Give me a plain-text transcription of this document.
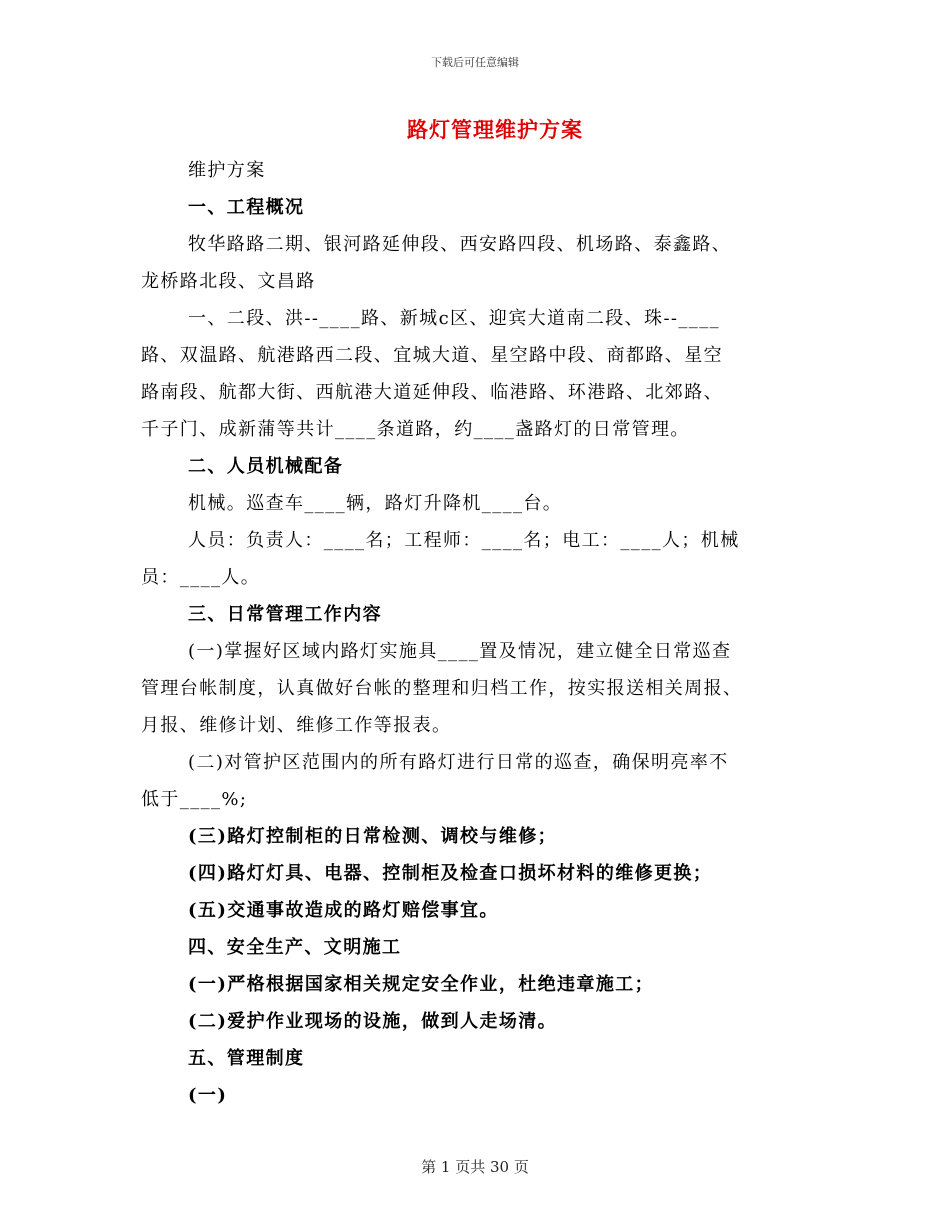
下载后可任意编辑
路灯管理维护方案
维护方案
一、工程概况
牧华路路二期、银河路延伸段、西安路四段、机场路、泰鑫路、
龙桥路北段、文昌路
一、二段、洪--____路、新城c区、迎宾大道南二段、珠--____
路、双温路、航港路西二段、宜城大道、星空路中段、商都路、星空
路南段、航都大街、西航港大道延伸段、临港路、环港路、北郊路、
千子门、成新蒲等共计____条道路，约____盏路灯的日常管理。
二、人员机械配备
机械。巡查车____辆，路灯升降机____台。
人员：负责人：____名；工程师：____名；电工：____人；机械
员：____人。
三、日常管理工作内容
(一)掌握好区域内路灯实施具____置及情况，建立健全日常巡查
管理台帐制度，认真做好台帐的整理和归档工作，按实报送相关周报、
月报、维修计划、维修工作等报表。
(二)对管护区范围内的所有路灯进行日常的巡查，确保明亮率不
低于____%;
(三)路灯控制柜的日常检测、调校与维修；
(四)路灯灯具、电器、控制柜及检查口损坏材料的维修更换；
(五)交通事故造成的路灯赔偿事宜。
四、安全生产、文明施工
(一)严格根据国家相关规定安全作业，杜绝违章施工；
(二)爱护作业现场的设施，做到人走场清。
五、管理制度
(一)
第 1 页共 30 页
